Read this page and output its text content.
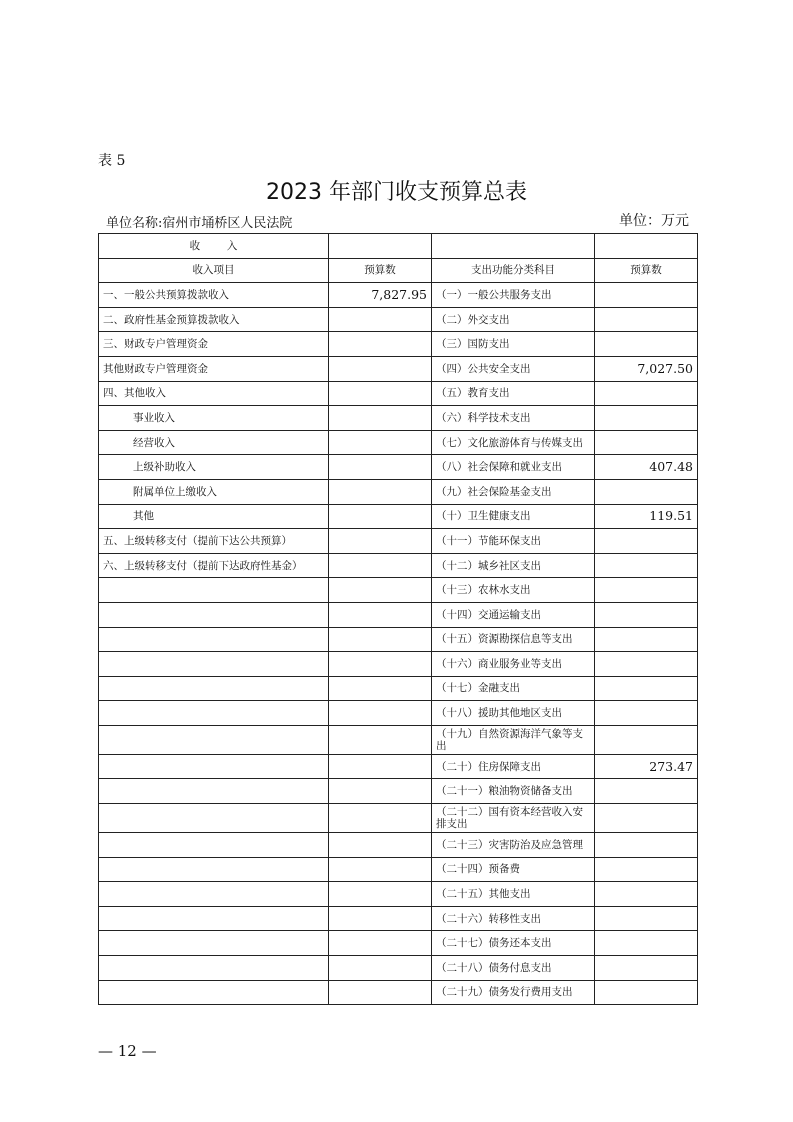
表 5
2023 年部门收支预算总表
单位名称:宿州市埇桥区人民法院	单位：万元
收        入			
收入项目	预算数	支出功能分类科目	预算数
一、一般公共预算拨款收入	7,827.95	（一）一般公共服务支出	
二、政府性基金预算拨款收入		（二）外交支出	
三、财政专户管理资金		（三）国防支出	
其他财政专户管理资金		（四）公共安全支出	7,027.50
四、其他收入		（五）教育支出	
事业收入		（六）科学技术支出	
经营收入		（七）文化旅游体育与传媒支出	
上级补助收入		（八）社会保障和就业支出	407.48
附属单位上缴收入		（九）社会保险基金支出	
其他		（十）卫生健康支出	119.51
五、上级转移支付（提前下达公共预算）		（十一）节能环保支出	
六、上级转移支付（提前下达政府性基金）		（十二）城乡社区支出	
		（十三）农林水支出	
		（十四）交通运输支出	
		（十五）资源勘探信息等支出	
		（十六）商业服务业等支出	
		（十七）金融支出	
		（十八）援助其他地区支出	
		（十九）自然资源海洋气象等支出	
		（二十）住房保障支出	273.47
		（二十一）粮油物资储备支出	
		（二十二）国有资本经营收入安排支出	
		（二十三）灾害防治及应急管理	
		（二十四）预备费	
		（二十五）其他支出	
		（二十六）转移性支出	
		（二十七）债务还本支出	
		（二十八）债务付息支出	
		（二十九）债务发行费用支出	
— 12 —
